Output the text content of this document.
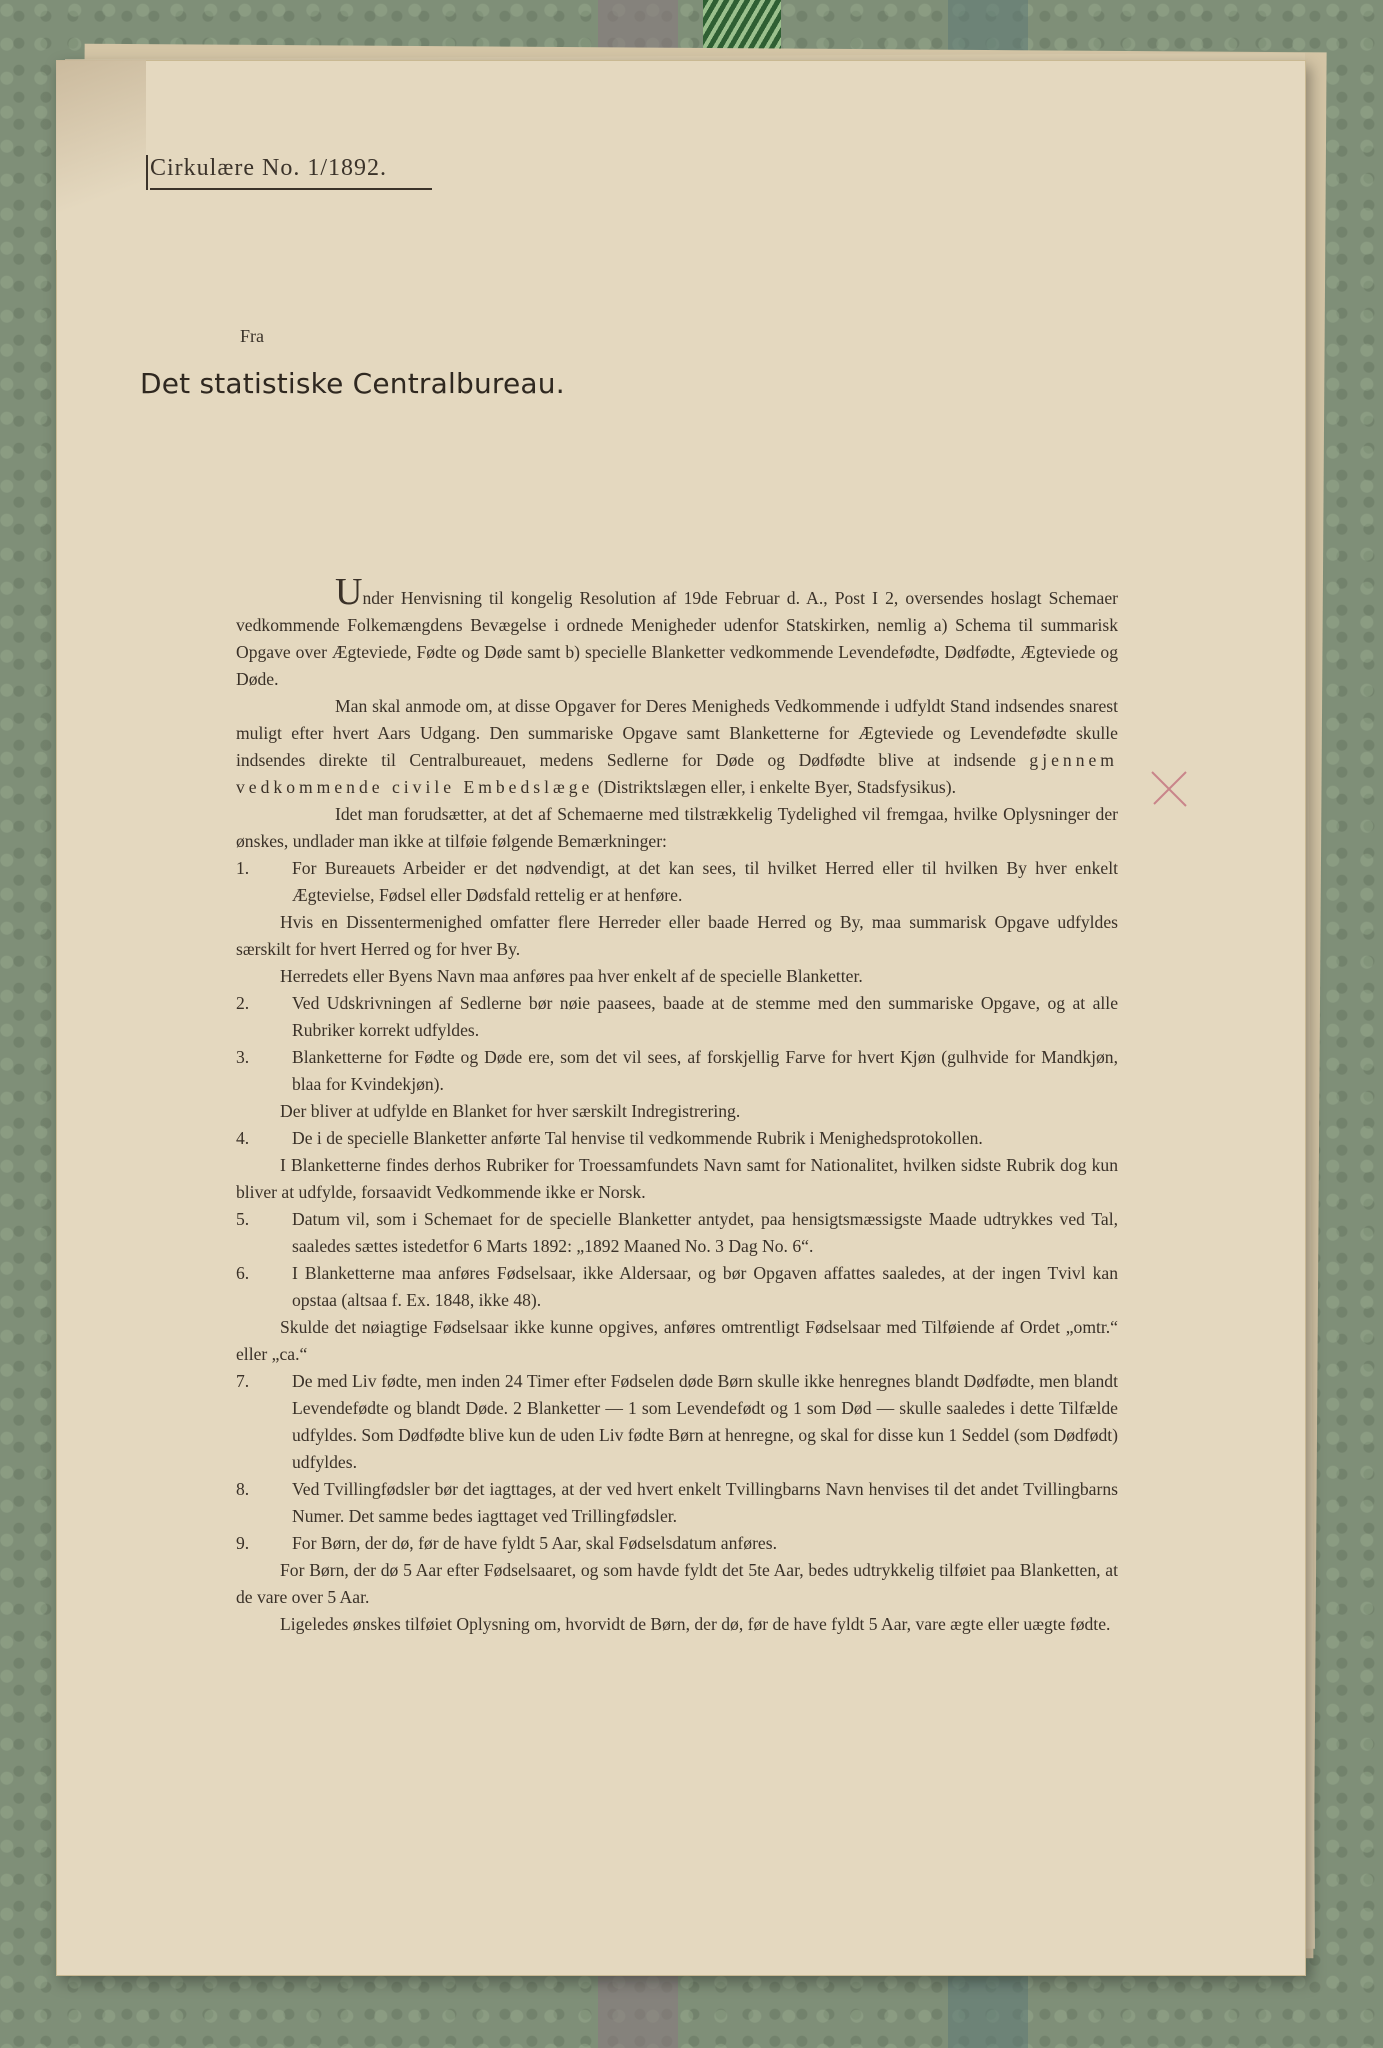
Cirkulære No. 1/1892.
Fra
Det statistiske Centralbureau.

Under Henvisning til kongelig Resolution af 19de Februar d. A., Post I 2, oversendes hoslagt Schemaer vedkommende Folkemængdens Bevægelse i ordnede Menigheder udenfor Statskirken, nemlig a) Schema til summarisk Opgave over Ægteviede, Fødte og Døde samt b) specielle Blanketter vedkommende Levendefødte, Dødfødte, Ægteviede og Døde.

Man skal anmode om, at disse Opgaver for Deres Menigheds Vedkommende i udfyldt Stand indsendes snarest muligt efter hvert Aars Udgang. Den summariske Opgave samt Blanketterne for Ægteviede og Levendefødte skulle indsendes direkte til Centralbureauet, medens Sedlerne for Døde og Dødfødte blive at indsende gjennem vedkommende civile Embedslæge (Distriktslægen eller, i enkelte Byer, Stadsfysikus).

Idet man forudsætter, at det af Schemaerne med tilstrækkelig Tydelighed vil fremgaa, hvilke Oplysninger der ønskes, undlader man ikke at tilføie følgende Bemærkninger:

1.	For Bureauets Arbeider er det nødvendigt, at det kan sees, til hvilket Herred eller til hvilken By hver enkelt Ægtevielse, Fødsel eller Dødsfald rettelig er at henføre.

Hvis en Dissentermenighed omfatter flere Herreder eller baade Herred og By, maa summarisk Opgave udfyldes særskilt for hvert Herred og for hver By.

Herredets eller Byens Navn maa anføres paa hver enkelt af de specielle Blanketter.

2.	Ved Udskrivningen af Sedlerne bør nøie paasees, baade at de stemme med den summariske Opgave, og at alle Rubriker korrekt udfyldes.
3.	Blanketterne for Fødte og Døde ere, som det vil sees, af forskjellig Farve for hvert Kjøn (gulhvide for Mandkjøn, blaa for Kvindekjøn).

Der bliver at udfylde en Blanket for hver særskilt Indregistrering.

4.	De i de specielle Blanketter anførte Tal henvise til vedkommende Rubrik i Menighedsprotokollen.

I Blanketterne findes derhos Rubriker for Troessamfundets Navn samt for Nationalitet, hvilken sidste Rubrik dog kun bliver at udfylde, forsaavidt Vedkommende ikke er Norsk.

5.	Datum vil, som i Schemaet for de specielle Blanketter antydet, paa hensigtsmæssigste Maade udtrykkes ved Tal, saaledes sættes istedetfor 6 Marts 1892: „1892 Maaned No. 3 Dag No. 6“.
6.	I Blanketterne maa anføres Fødselsaar, ikke Aldersaar, og bør Opgaven affattes saaledes, at der ingen Tvivl kan opstaa (altsaa f. Ex. 1848, ikke 48).

Skulde det nøiagtige Fødselsaar ikke kunne opgives, anføres omtrentligt Fødselsaar med Tilføiende af Ordet „omtr.“ eller „ca.“

7.	De med Liv fødte, men inden 24 Timer efter Fødselen døde Børn skulle ikke henregnes blandt Dødfødte, men blandt Levendefødte og blandt Døde. 2 Blanketter — 1 som Levendefødt og 1 som Død — skulle saaledes i dette Tilfælde udfyldes. Som Dødfødte blive kun de uden Liv fødte Børn at henregne, og skal for disse kun 1 Seddel (som Dødfødt) udfyldes.
8.	Ved Tvillingfødsler bør det iagttages, at der ved hvert enkelt Tvillingbarns Navn henvises til det andet Tvillingbarns Numer. Det samme bedes iagttaget ved Trillingfødsler.
9.	For Børn, der dø, før de have fyldt 5 Aar, skal Fødselsdatum anføres.

For Børn, der dø 5 Aar efter Fødselsaaret, og som havde fyldt det 5te Aar, bedes udtrykkelig tilføiet paa Blanketten, at de vare over 5 Aar.

Ligeledes ønskes tilføiet Oplysning om, hvorvidt de Børn, der dø, før de have fyldt 5 Aar, vare ægte eller uægte fødte.
